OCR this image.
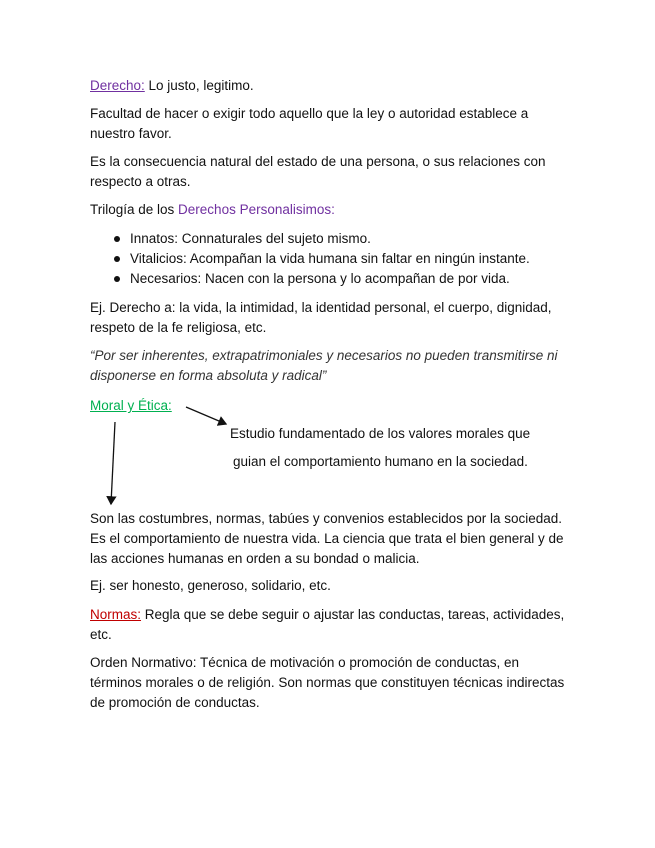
Derecho: Lo justo, legitimo.

Facultad de hacer o exigir todo aquello que la ley o autoridad establece a nuestro favor.

Es la consecuencia natural del estado de una persona, o sus relaciones con respecto a otras.

Trilogía de los Derechos Personalisimos:

Innatos: Connaturales del sujeto mismo.
Vitalicios: Acompañan la vida humana sin faltar en ningún instante.
Necesarios: Nacen con la persona y lo acompañan de por vida.

Ej. Derecho a: la vida, la intimidad, la identidad personal, el cuerpo, dignidad, respeto de la fe religiosa, etc.

“Por ser inherentes, extrapatrimoniales y necesarios no pueden transmitirse ni disponerse en forma absoluta y radical”

Moral y Ética:

Estudio fundamentado de los valores morales que

guian el comportamiento humano en la sociedad.

Son las costumbres, normas, tabúes y convenios establecidos por la sociedad. Es el comportamiento de nuestra vida. La ciencia que trata el bien general y de las acciones humanas en orden a su bondad o malicia.

Ej. ser honesto, generoso, solidario, etc.

Normas: Regla que se debe seguir o ajustar las conductas, tareas, actividades, etc.

Orden Normativo: Técnica de motivación o promoción de conductas, en términos morales o de religión. Son normas que constituyen técnicas indirectas de promoción de conductas.
